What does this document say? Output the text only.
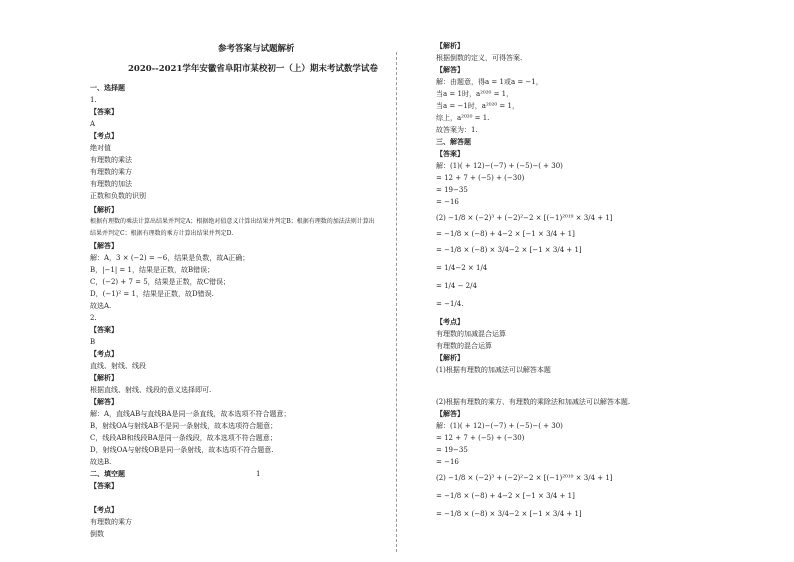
参考答案与试题解析
2020--2021学年安徽省阜阳市某校初一（上）期末考试数学试卷
一、选择题
1.
【答案】
A
【考点】
绝对值
有理数的乘法
有理数的乘方
有理数的加法
正数和负数的识别
【解析】
根据有理数的乘法计算出结果并判定A；根据绝对值意义计算出结果并判定B；根据有理数的加法法则计算出
结果并判定C；根据有理数的乘方计算出结果并判定D.
【解答】
解：A，3 × (−2) = −6，结果是负数，故A正确；
B，|−1| = 1，结果是正数，故B错误；
C，(−2) + 7 = 5，结果是正数，故C错误；
D，(−1)² = 1，结果是正数，故D错误.
故选A.
2.
【答案】
B
【考点】
直线、射线、线段
【解析】
根据直线、射线、线段的意义选择即可.
【解答】
解：A，直线AB与直线BA是同一条直线，故本选项不符合题意；
B，射线OA与射线AB不是同一条射线，故本选项符合题意；
C，线段AB和线段BA是同一条线段，故本选项不符合题意；
D，射线OA与射线OB是同一条射线，故本选项不符合题意.
故选B.
二、填空题
【答案】
【考点】
有理数的乘方
倒数
1
【解析】
根据倒数的定义，可得答案.
【解答】
解：由题意，得a = 1或a = −1，
当a = 1时，a²⁰²⁰ = 1，
当a = −1时，a²⁰²⁰ = 1，
综上，a²⁰²⁰ = 1.
故答案为：1.
三、解答题
【答案】
解：(1)( + 12)−(−7) + (−5)−( + 30)
= 12 + 7 + (−5) + (−30)
= 19−35
= −16
(2) −1/8 × (−2)³ + (−2)²−2 × [(−1)²⁰¹⁹ × 3/4 + 1]
= −1/8 × (−8) + 4−2 × [−1 × 3/4 + 1]
= −1/8 × (−8) × 3/4−2 × [−1 × 3/4 + 1]
= 1/4−2 × 1/4
= 1/4 − 2/4
= −1/4.
【考点】
有理数的加减混合运算
有理数的混合运算
【解析】
(1)根据有理数的加减法可以解答本题
(2)根据有理数的乘方、有理数的乘除法和加减法可以解答本题.
【解答】
解：(1)( + 12)−(−7) + (−5)−( + 30)
= 12 + 7 + (−5) + (−30)
= 19−35
= −16
(2) −1/8 × (−2)³ + (−2)²−2 × [(−1)²⁰¹⁹ × 3/4 + 1]
= −1/8 × (−8) + 4−2 × [−1 × 3/4 + 1]
= −1/8 × (−8) × 3/4−2 × [−1 × 3/4 + 1]
